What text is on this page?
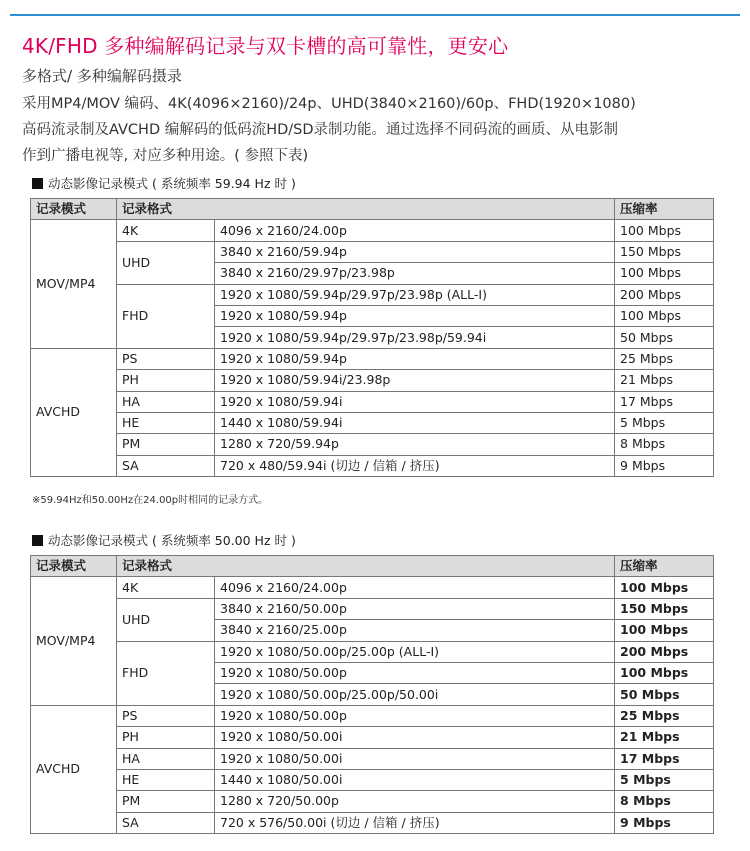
4K/FHD 多种编解码记录与双卡槽的高可靠性，更安心
多格式/ 多种编解码摄录
采用MP4/MOV 编码、4K(4096×2160)/24p、UHD(3840×2160)/60p、FHD(1920×1080)
高码流录制及AVCHD 编解码的低码流HD/SD录制功能。通过选择不同码流的画质、从电影制
作到广播电视等, 对应多种用途。( 参照下表)
动态影像记录模式 ( 系统频率 59.94 Hz 时 )
记录模式	记录格式		压缩率
MOV/MP4	4K	4096 x 2160/24.00p	100 Mbps
	UHD	3840 x 2160/59.94p	150 Mbps
		3840 x 2160/29.97p/23.98p	100 Mbps
	FHD	1920 x 1080/59.94p/29.97p/23.98p (ALL-I)	200 Mbps
		1920 x 1080/59.94p	100 Mbps
		1920 x 1080/59.94p/29.97p/23.98p/59.94i	50 Mbps
AVCHD	PS	1920 x 1080/59.94p	25 Mbps
	PH	1920 x 1080/59.94i/23.98p	21 Mbps
	HA	1920 x 1080/59.94i	17 Mbps
	HE	1440 x 1080/59.94i	5 Mbps
	PM	1280 x 720/59.94p	8 Mbps
	SA	720 x 480/59.94i (切边 / 信箱 / 挤压)	9 Mbps
※59.94Hz和50.00Hz在24.00p时相同的记录方式。
动态影像记录模式 ( 系统频率 50.00 Hz 时 )
记录模式	记录格式		压缩率
MOV/MP4	4K	4096 x 2160/24.00p	100 Mbps
	UHD	3840 x 2160/50.00p	150 Mbps
		3840 x 2160/25.00p	100 Mbps
	FHD	1920 x 1080/50.00p/25.00p (ALL-I)	200 Mbps
		1920 x 1080/50.00p	100 Mbps
		1920 x 1080/50.00p/25.00p/50.00i	50 Mbps
AVCHD	PS	1920 x 1080/50.00p	25 Mbps
	PH	1920 x 1080/50.00i	21 Mbps
	HA	1920 x 1080/50.00i	17 Mbps
	HE	1440 x 1080/50.00i	5 Mbps
	PM	1280 x 720/50.00p	8 Mbps
	SA	720 x 576/50.00i (切边 / 信箱 / 挤压)	9 Mbps
